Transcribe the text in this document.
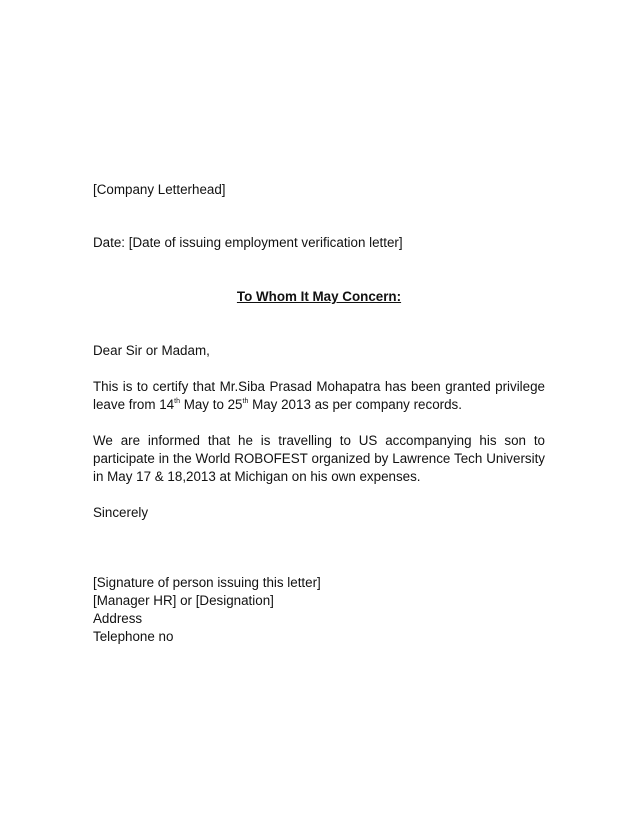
[Company Letterhead]
Date: [Date of issuing employment verification letter]
To Whom It May Concern:
Dear Sir or Madam,
This is to certify that Mr.Siba Prasad Mohapatra has been granted privilege
leave from 14th May to 25th May 2013 as per company records.
We are informed that he is travelling to US accompanying his son to
participate in the World ROBOFEST organized by Lawrence Tech University
in May 17 & 18,2013 at Michigan on his own expenses.
Sincerely
[Signature of person issuing this letter]
[Manager HR] or [Designation]
Address
Telephone no
